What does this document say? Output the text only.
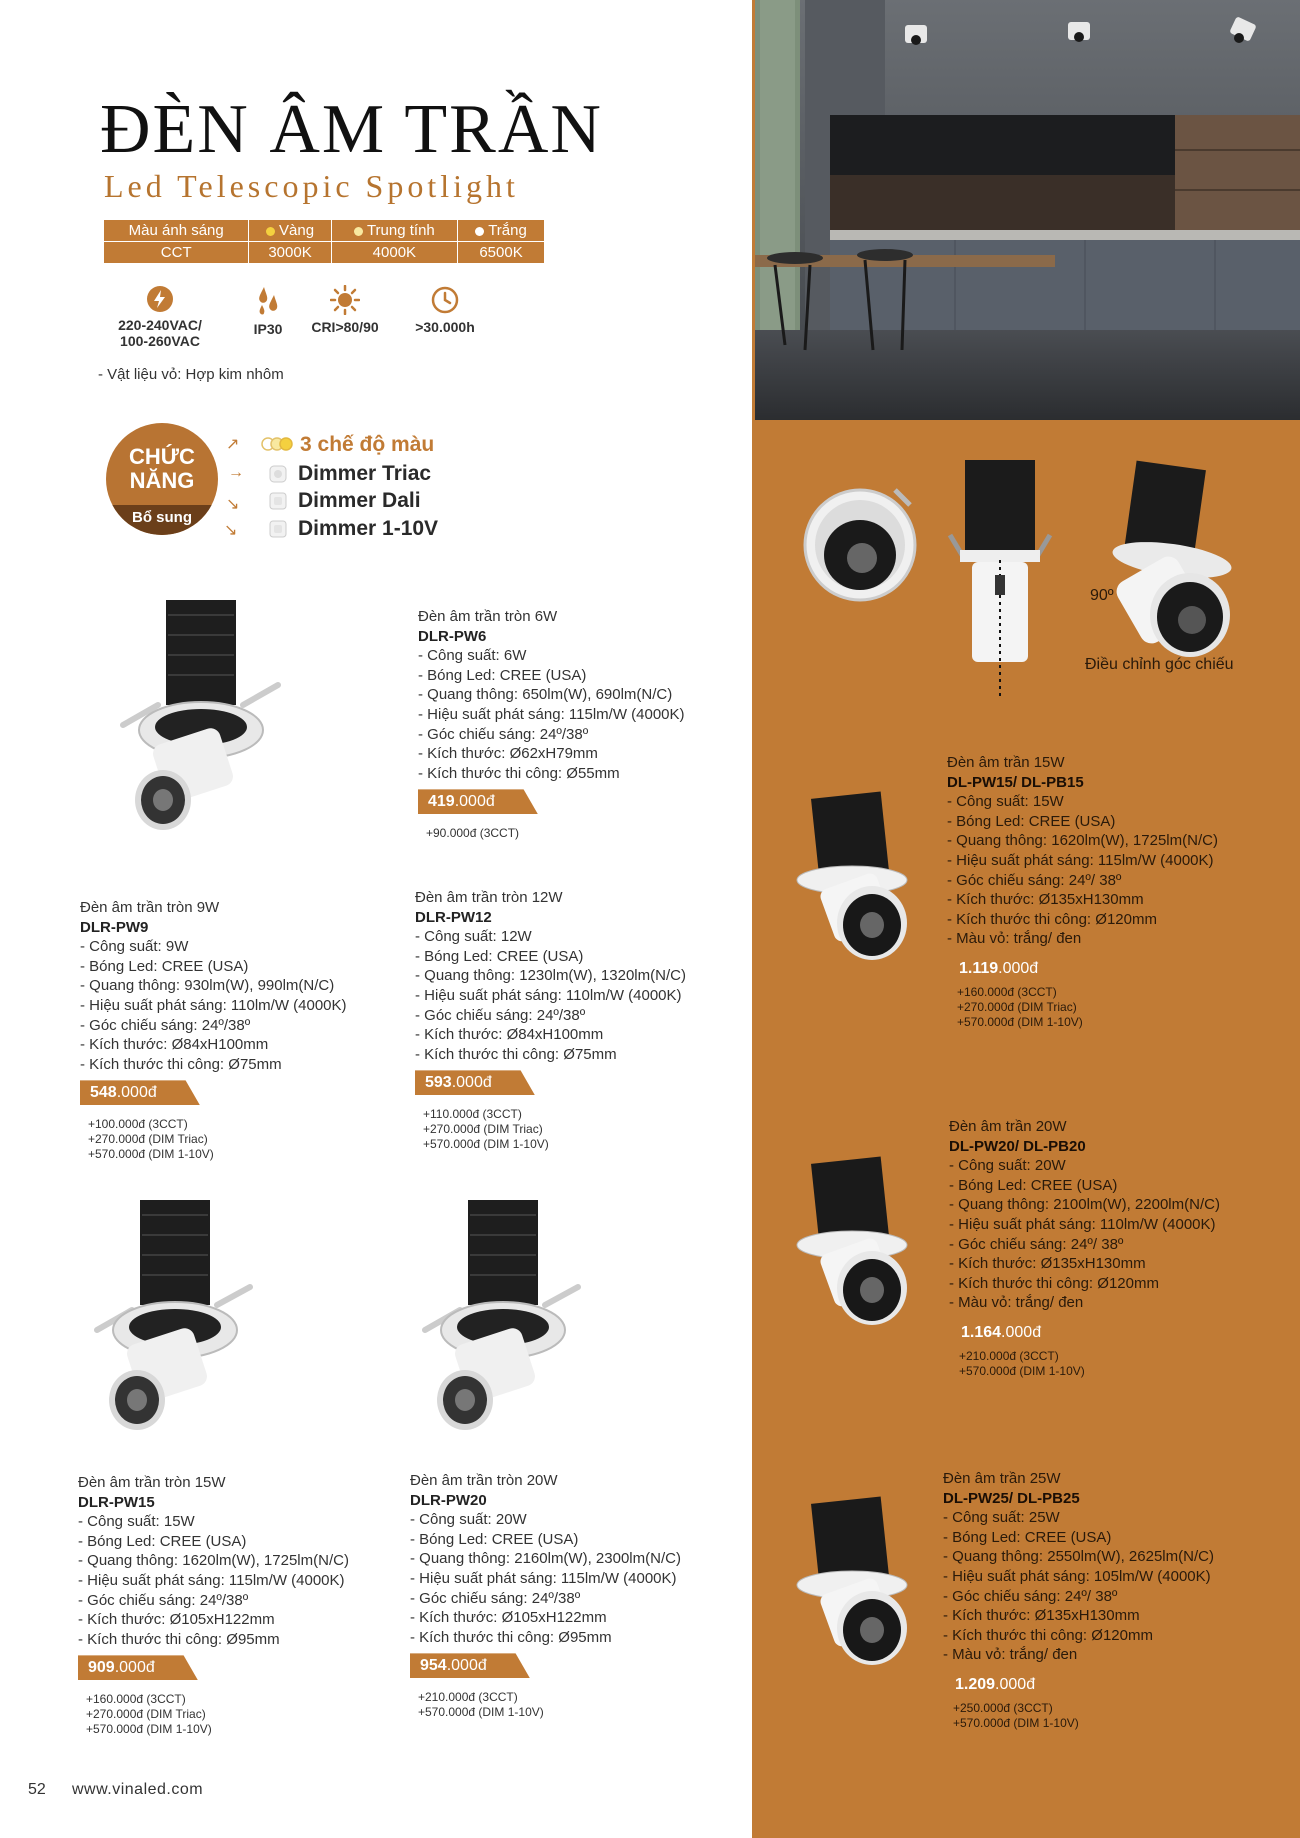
ĐÈN ÂM TRẦN
Led Telescopic Spotlight
Màu ánh sáng	Vàng	Trung tính	Trắng
CCT	3000K	4000K	6500K
220-240VAC/
100-260VAC
IP30	CRI>80/90	>30.000h
- Vật liệu vỏ: Hợp kim nhôm
CHỨC
NĂNG
Bổ sung
↗
→
↘
↘
3 chế độ màu
Dimmer Triac
Dimmer Dali
Dimmer 1-10V
Đèn âm trần tròn 6W
DLR-PW6
- Công suất: 6W
- Bóng Led: CREE (USA)
- Quang thông: 650lm(W), 690lm(N/C)
- Hiệu suất phát sáng: 115lm/W (4000K)
- Góc chiếu sáng: 24º/38º
- Kích thước: Ø62xH79mm
- Kích thước thi công: Ø55mm
419.000đ
+90.000đ (3CCT)
Đèn âm trần tròn 9W
DLR-PW9
- Công suất: 9W
- Bóng Led: CREE (USA)
- Quang thông: 930lm(W), 990lm(N/C)
- Hiệu suất phát sáng: 110lm/W (4000K)
- Góc chiếu sáng: 24º/38º
- Kích thước: Ø84xH100mm
- Kích thước thi công: Ø75mm
548.000đ
+100.000đ (3CCT)
+270.000đ (DIM Triac)
+570.000đ (DIM 1-10V)
Đèn âm trần tròn 12W
DLR-PW12
- Công suất: 12W
- Bóng Led: CREE (USA)
- Quang thông: 1230lm(W), 1320lm(N/C)
- Hiệu suất phát sáng: 110lm/W (4000K)
- Góc chiếu sáng: 24º/38º
- Kích thước: Ø84xH100mm
- Kích thước thi công: Ø75mm
593.000đ
+110.000đ (3CCT)
+270.000đ (DIM Triac)
+570.000đ (DIM 1-10V)
Đèn âm trần tròn 15W
DLR-PW15
- Công suất: 15W
- Bóng Led: CREE (USA)
- Quang thông: 1620lm(W), 1725lm(N/C)
- Hiệu suất phát sáng: 115lm/W (4000K)
- Góc chiếu sáng: 24º/38º
- Kích thước: Ø105xH122mm
- Kích thước thi công: Ø95mm
909.000đ
+160.000đ (3CCT)
+270.000đ (DIM Triac)
+570.000đ (DIM 1-10V)
Đèn âm trần tròn 20W
DLR-PW20
- Công suất: 20W
- Bóng Led: CREE (USA)
- Quang thông: 2160lm(W), 2300lm(N/C)
- Hiệu suất phát sáng: 115lm/W (4000K)
- Góc chiếu sáng: 24º/38º
- Kích thước: Ø105xH122mm
- Kích thước thi công: Ø95mm
954.000đ
+210.000đ (3CCT)
+570.000đ (DIM 1-10V)
90º
Điều chỉnh góc chiếu
Đèn âm trần 15W
DL-PW15/ DL-PB15
- Công suất: 15W
- Bóng Led: CREE (USA)
- Quang thông: 1620lm(W), 1725lm(N/C)
- Hiệu suất phát sáng: 115lm/W (4000K)
- Góc chiếu sáng: 24º/ 38º
- Kích thước: Ø135xH130mm
- Kích thước thi công: Ø120mm
- Màu vỏ: trắng/ đen
1.119.000đ
+160.000đ (3CCT)
+270.000đ (DIM Triac)
+570.000đ (DIM 1-10V)
Đèn âm trần 20W
DL-PW20/ DL-PB20
- Công suất: 20W
- Bóng Led: CREE (USA)
- Quang thông: 2100lm(W), 2200lm(N/C)
- Hiệu suất phát sáng: 110lm/W (4000K)
- Góc chiếu sáng: 24º/ 38º
- Kích thước: Ø135xH130mm
- Kích thước thi công: Ø120mm
- Màu vỏ: trắng/ đen
1.164.000đ
+210.000đ (3CCT)
+570.000đ (DIM 1-10V)
Đèn âm trần 25W
DL-PW25/ DL-PB25
- Công suất: 25W
- Bóng Led: CREE (USA)
- Quang thông: 2550lm(W), 2625lm(N/C)
- Hiệu suất phát sáng: 105lm/W (4000K)
- Góc chiếu sáng: 24º/ 38º
- Kích thước: Ø135xH130mm
- Kích thước thi công: Ø120mm
- Màu vỏ: trắng/ đen
1.209.000đ
+250.000đ (3CCT)
+570.000đ (DIM 1-10V)
52 www.vinaled.com
